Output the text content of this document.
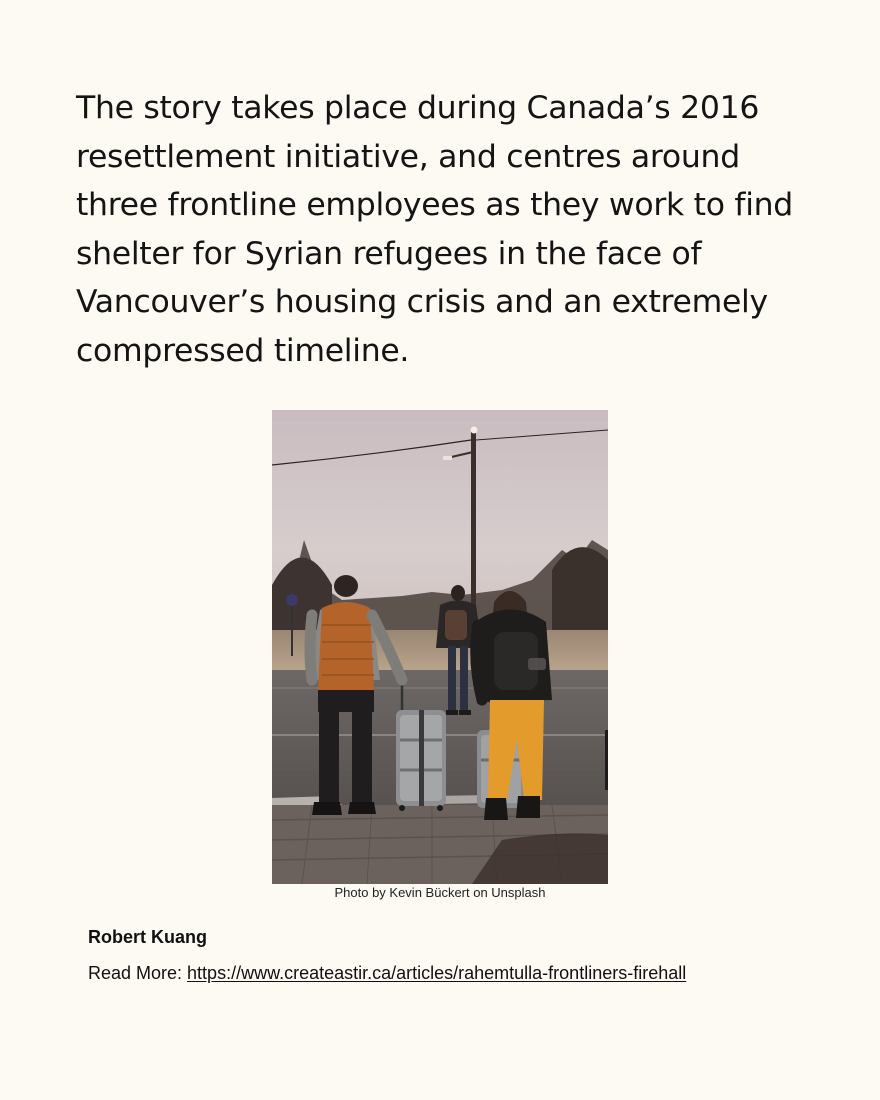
The story takes place during Canada’s 2016 resettlement initiative, and centres around three frontline employees as they work to find shelter for Syrian refugees in the face of Vancouver’s housing crisis and an extremely compressed timeline.

Photo by Kevin Bückert on Unsplash
Robert Kuang
Read More: https://www.createastir.ca/articles/rahemtulla-frontliners-firehall
